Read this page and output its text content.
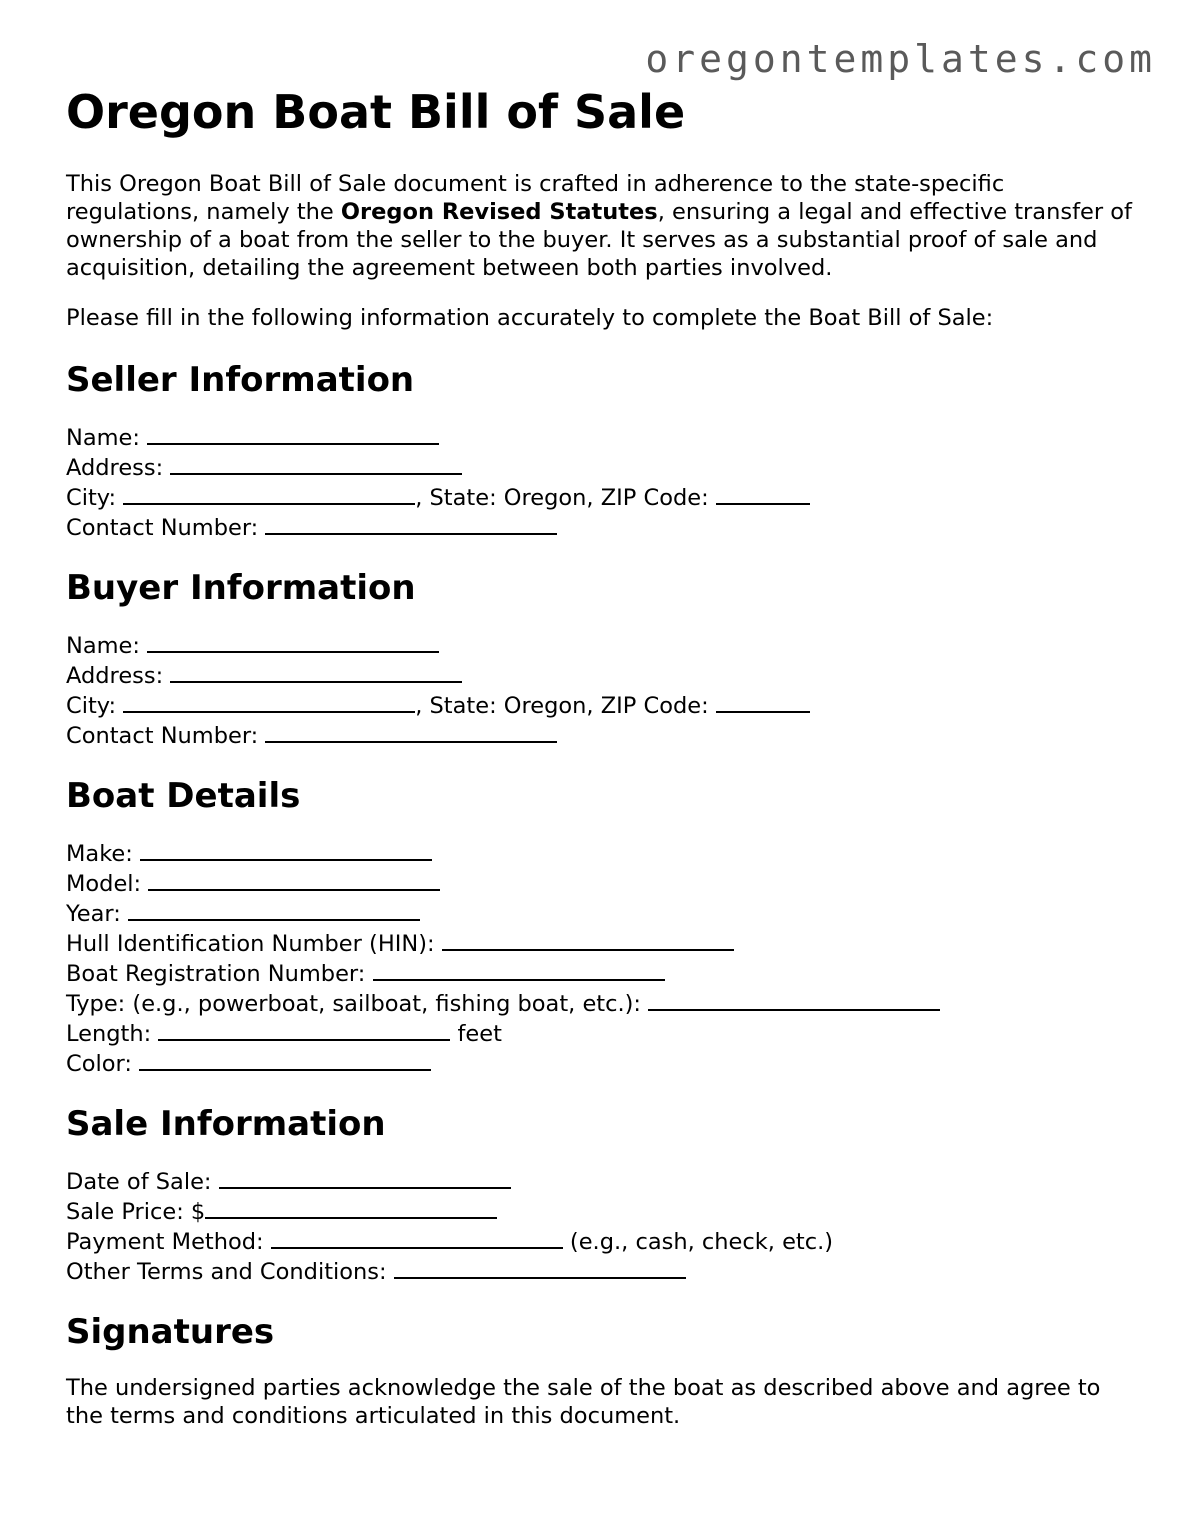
oregontemplates.com
Oregon Boat Bill of Sale

This Oregon Boat Bill of Sale document is crafted in adherence to the state-specific regulations, namely the Oregon Revised Statutes, ensuring a legal and effective transfer of ownership of a boat from the seller to the buyer. It serves as a substantial proof of sale and acquisition, detailing the agreement between both parties involved.

Please fill in the following information accurately to complete the Boat Bill of Sale:

Seller Information
Name:
Address:
City:	, State: Oregon, ZIP Code:
Contact Number:
Buyer Information
Name:
Address:
City:	, State: Oregon, ZIP Code:
Contact Number:
Boat Details
Make:
Model:
Year:
Hull Identification Number (HIN):
Boat Registration Number:
Type: (e.g., powerboat, sailboat, fishing boat, etc.):
Length:	feet
Color:
Sale Information
Date of Sale:
Sale Price: $
Payment Method:	(e.g., cash, check, etc.)
Other Terms and Conditions:
Signatures

The undersigned parties acknowledge the sale of the boat as described above and agree to the terms and conditions articulated in this document.
